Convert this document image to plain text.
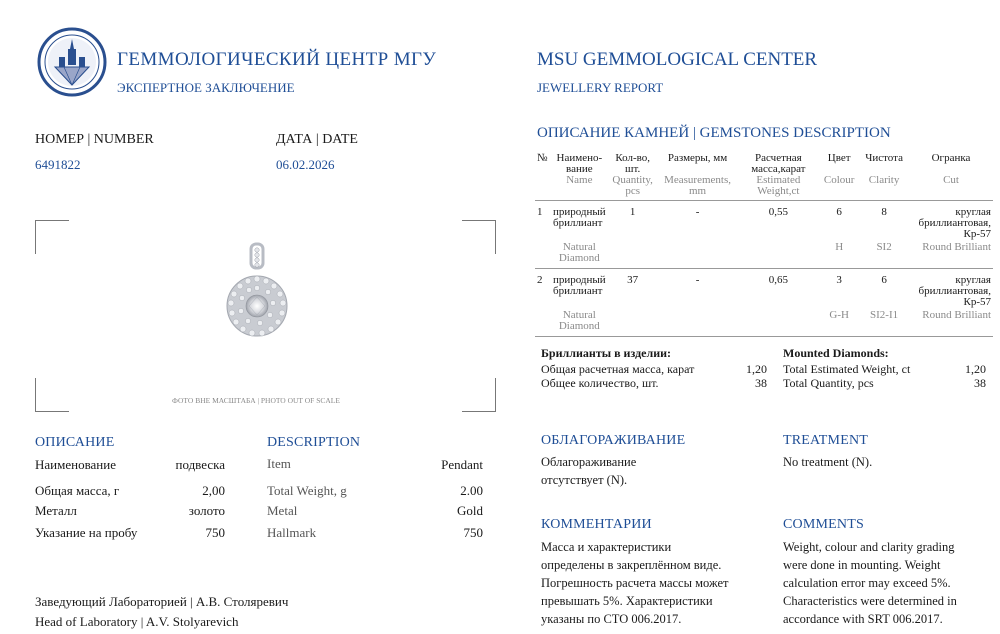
ГЕММОЛОГИЧЕСКИЙ ЦЕНТР МГУ
ЭКСПЕРТНОЕ ЗАКЛЮЧЕНИЕ
MSU GEMMOLOGICAL CENTER
JEWELLERY REPORT
НОМЕР | NUMBER
6491822
ДАТА | DATE
06.02.2026
ФОТО ВНЕ МАСШТАБА | PHOTO OUT OF SCALE
ОПИСАНИЕ	DESCRIPTION
Наименование	подвеска	Item	Pendant
Общая масса, г	2,00	Total Weight, g	2.00
Металл	золото	Metal	Gold
Указание на пробу	750	Hallmark	750
Заведующий Лабораторией | А.В. Столяревич
Head of Laboratory | A.V. Stolyarevich
ОПИСАНИЕ КАМНЕЙ | GEMSTONES DESCRIPTION
№	Наимено-вание	Кол-во, шт.	Размеры, мм	Расчетная масса,карат	Цвет	Чистота	Огранка
	Name	Quantity, pcs	Measurements, mm	Estimated Weight,ct	Colour	Clarity	Cut
1	природный бриллиант	1	-	0,55	6	8	круглая бриллиантовая, Кр-57
	Natural Diamond				H	SI2	Round Brilliant
2	природный бриллиант	37	-	0,65	3	6	круглая бриллиантовая, Кр-57
	Natural Diamond				G-H	SI2-I1	Round Brilliant

Бриллианты в изделии:
Общая расчетная масса, карат	1,20
Общее количество, шт.	38
Mounted Diamonds:
Total Estimated Weight, ct	1,20
Total Quantity, pcs	38
ОБЛАГОРАЖИВАНИЕ
Облагораживание
отсутствует (N).
TREATMENT
No treatment (N).
КОММЕНТАРИИ
Масса и характеристики
определены в закреплённом виде.
Погрешность расчета массы может
превышать 5%. Характеристики
указаны по СТО 006.2017.
COMMENTS
Weight, colour and clarity grading
were done in mounting. Weight
calculation error may exceed 5%.
Characteristics were determined in
accordance with SRT 006.2017.
